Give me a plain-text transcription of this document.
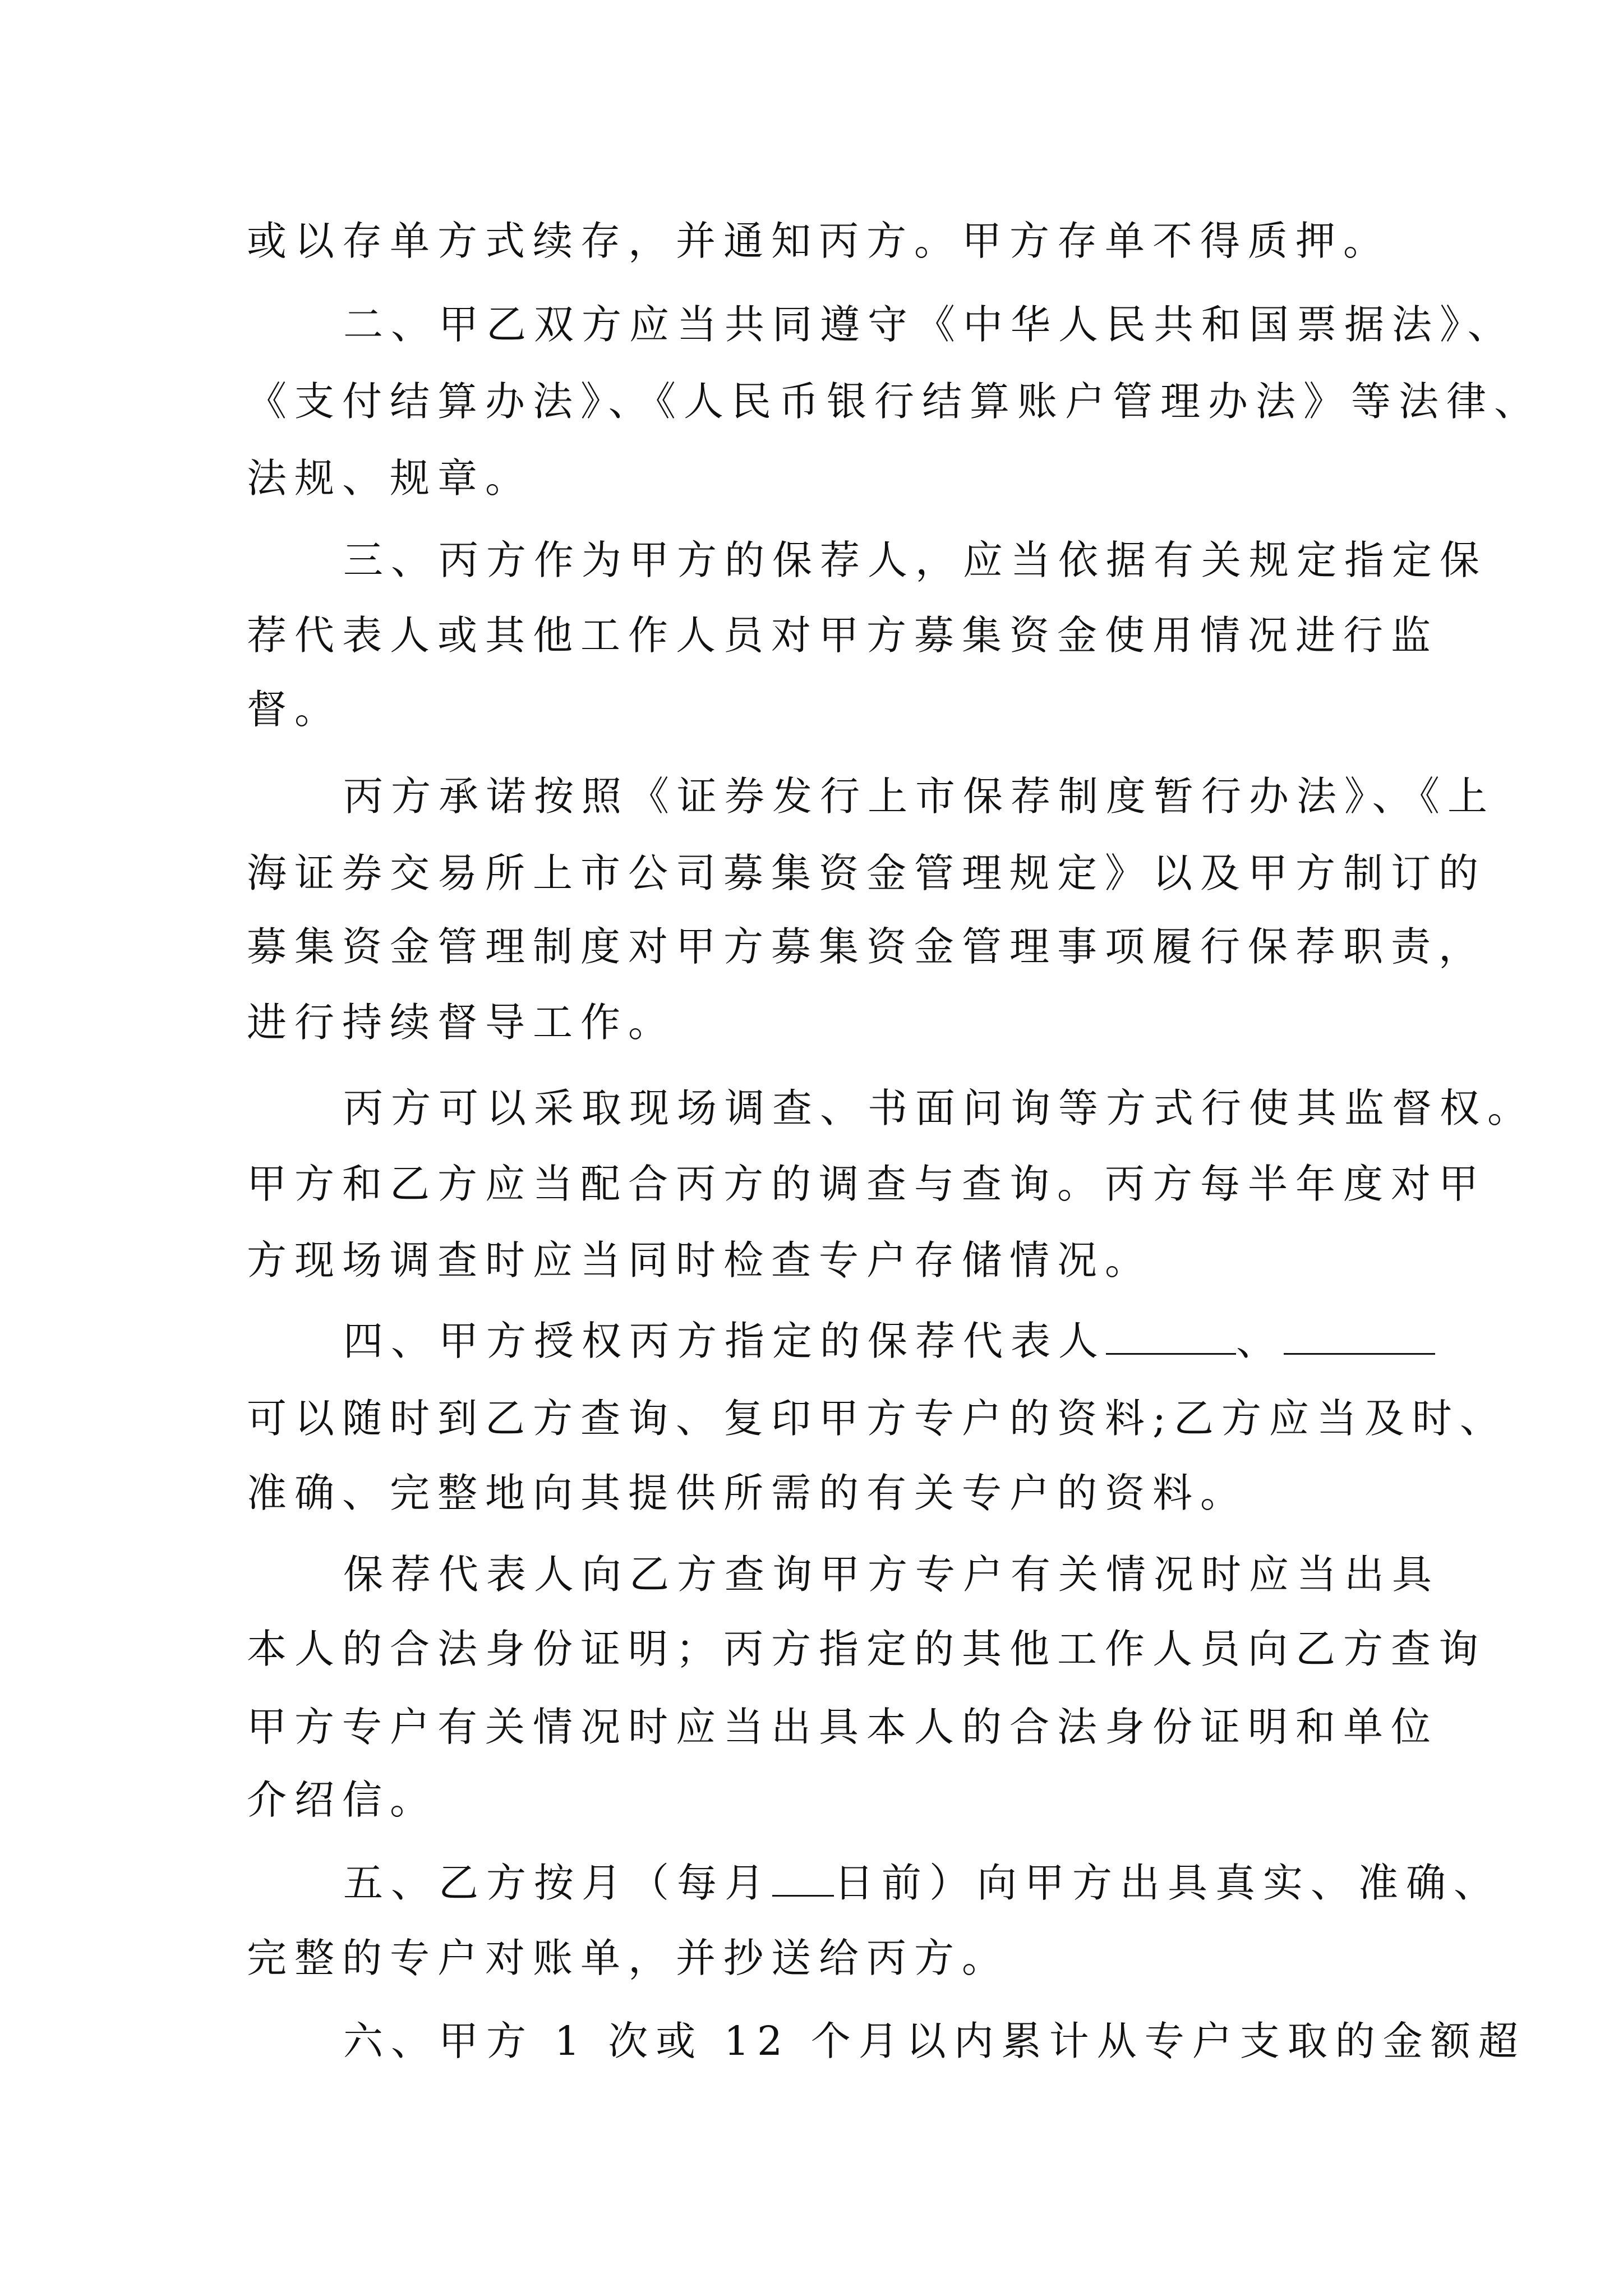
或以存单方式续存，并通知丙方。甲方存单不得质押。
二、甲乙双方应当共同遵守《中华人民共和国票据法》、
《支付结算办法》、《人民币银行结算账户管理办法》等法律、
法规、规章。
三、丙方作为甲方的保荐人，应当依据有关规定指定保
荐代表人或其他工作人员对甲方募集资金使用情况进行监
督。
丙方承诺按照《证券发行上市保荐制度暂行办法》、《上
海证券交易所上市公司募集资金管理规定》以及甲方制订的
募集资金管理制度对甲方募集资金管理事项履行保荐职责，
进行持续督导工作。
丙方可以采取现场调查、书面问询等方式行使其监督权。
甲方和乙方应当配合丙方的调查与查询。丙方每半年度对甲
方现场调查时应当同时检查专户存储情况。
四、甲方授权丙方指定的保荐代表人	、
可以随时到乙方查询、复印甲方专户的资料;乙方应当及时、
准确、完整地向其提供所需的有关专户的资料。
保荐代表人向乙方查询甲方专户有关情况时应当出具
本人的合法身份证明；丙方指定的其他工作人员向乙方查询
甲方专户有关情况时应当出具本人的合法身份证明和单位
介绍信。
五、乙方按月（每月 日前）向甲方出具真实、准确、
完整的专户对账单，并抄送给丙方。
六、甲方 1 次或 12 个月以内累计从专户支取的金额超
